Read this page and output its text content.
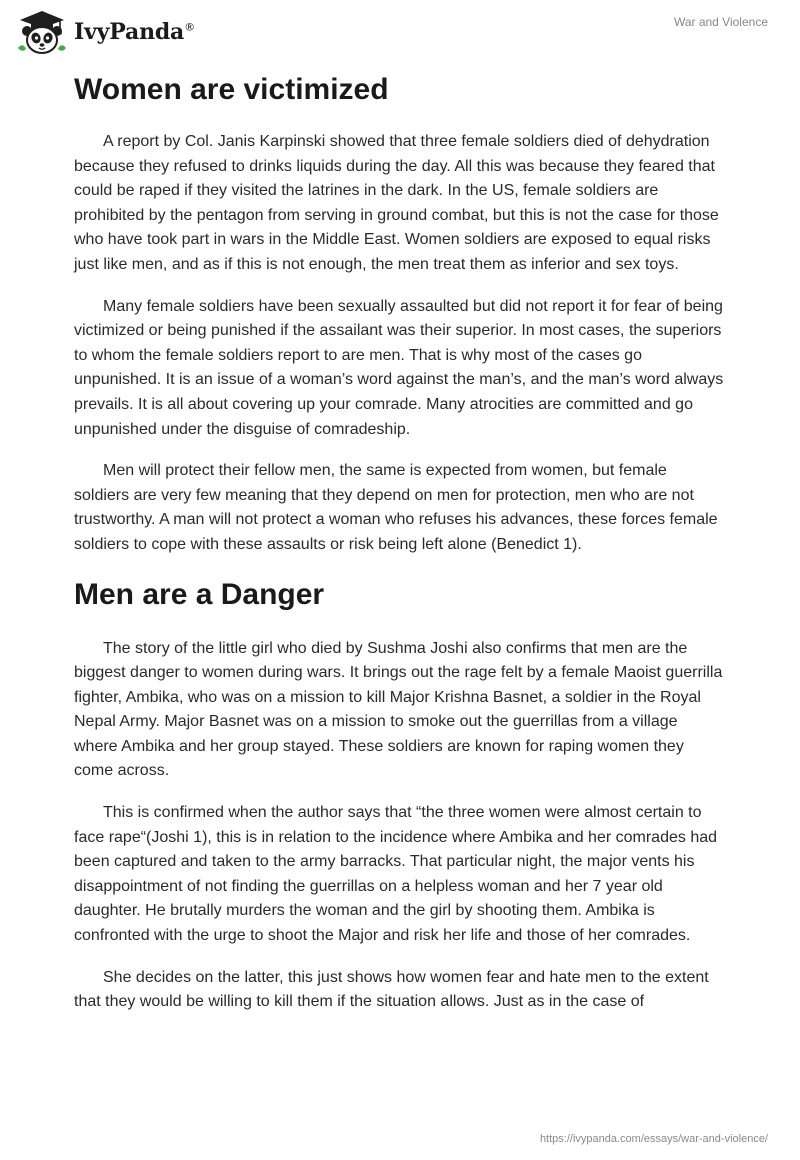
IvyPanda®	War and Violence
Women are victimized

A report by Col. Janis Karpinski showed that three female soldiers died of dehydration because they refused to drinks liquids during the day. All this was because they feared that could be raped if they visited the latrines in the dark. In the US, female soldiers are prohibited by the pentagon from serving in ground combat, but this is not the case for those who have took part in wars in the Middle East. Women soldiers are exposed to equal risks just like men, and as if this is not enough, the men treat them as inferior and sex toys.

Many female soldiers have been sexually assaulted but did not report it for fear of being victimized or being punished if the assailant was their superior. In most cases, the superiors to whom the female soldiers report to are men. That is why most of the cases go unpunished. It is an issue of a woman’s word against the man’s, and the man’s word always prevails. It is all about covering up your comrade. Many atrocities are committed and go unpunished under the disguise of comradeship.

Men will protect their fellow men, the same is expected from women, but female soldiers are very few meaning that they depend on men for protection, men who are not trustworthy. A man will not protect a woman who refuses his advances, these forces female soldiers to cope with these assaults or risk being left alone (Benedict 1).

Men are a Danger

The story of the little girl who died by Sushma Joshi also confirms that men are the biggest danger to women during wars. It brings out the rage felt by a female Maoist guerrilla fighter, Ambika, who was on a mission to kill Major Krishna Basnet, a soldier in the Royal Nepal Army. Major Basnet was on a mission to smoke out the guerrillas from a village where Ambika and her group stayed. These soldiers are known for raping women they come across.

This is confirmed when the author says that “the three women were almost certain to face rape“(Joshi 1), this is in relation to the incidence where Ambika and her comrades had been captured and taken to the army barracks. That particular night, the major vents his disappointment of not finding the guerrillas on a helpless woman and her 7 year old daughter. He brutally murders the woman and the girl by shooting them. Ambika is confronted with the urge to shoot the Major and risk her life and those of her comrades.

She decides on the latter, this just shows how women fear and hate men to the extent that they would be willing to kill them if the situation allows. Just as in the case of

https://ivypanda.com/essays/war-and-violence/
